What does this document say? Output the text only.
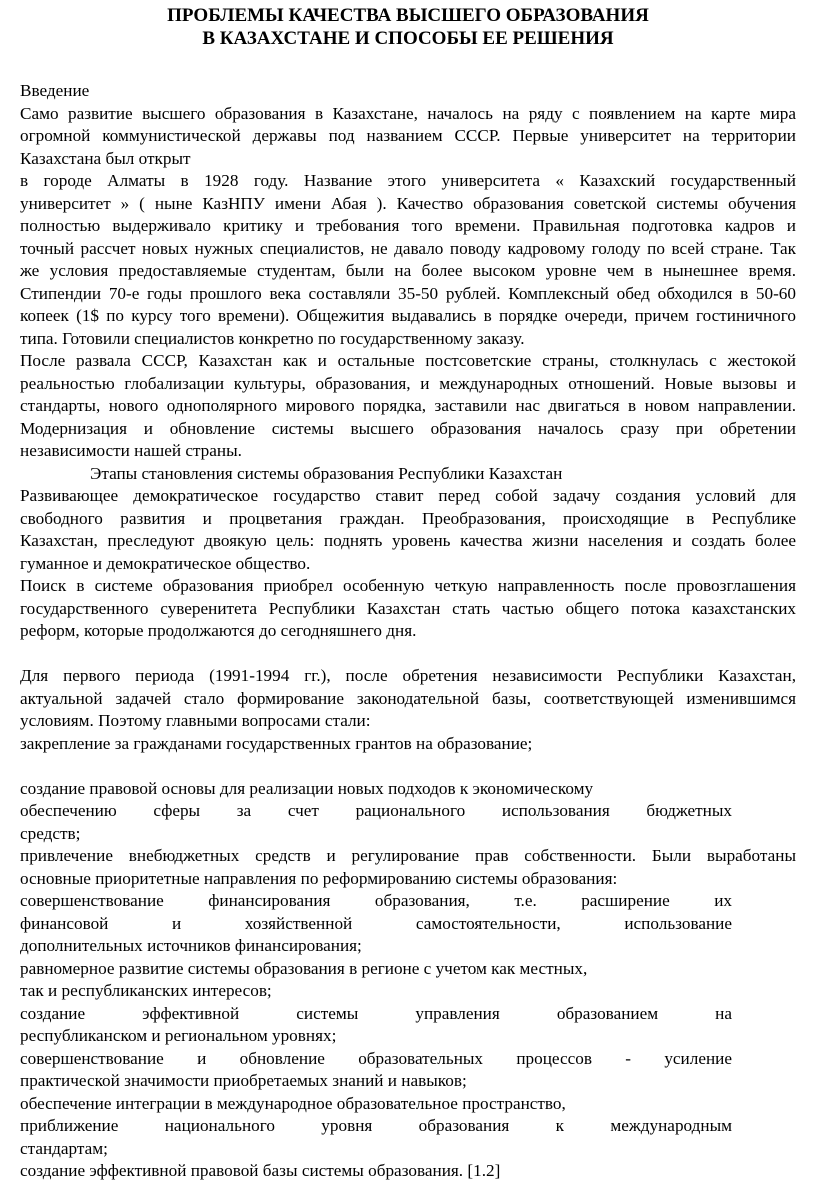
ПРОБЛЕМЫ КАЧЕСТВА ВЫСШЕГО ОБРАЗОВАНИЯ

В КАЗАХСТАНЕ И СПОСОБЫ ЕЕ РЕШЕНИЯ

Введение

Само развитие высшего образования в Казахстане, началось на ряду с появлением на карте мира

огромной коммунистической державы под названием СССР. Первые университет на территории

Казахстана был открыт

в городе Алматы в 1928 году. Название этого университета « Казахский государственный

университет » ( ныне КазНПУ имени Абая ). Качество образования советской системы обучения

полностью выдерживало критику и требования того времени. Правильная подготовка кадров и

точный рассчет новых нужных специалистов, не давало поводу кадровому голоду по всей стране. Так

же условия предоставляемые студентам, были на более высоком уровне чем в нынешнее время.

Стипендии 70-е годы прошлого века составляли 35-50 рублей. Комплексный обед обходился в 50-60

копеек (1$ по курсу того времени). Общежития выдавались в порядке очереди, причем гостиничного

типа. Готовили специалистов конкретно по государственному заказу.

После развала СССР, Казахстан как и остальные постсоветские страны, столкнулась с жестокой

реальностью глобализации культуры, образования, и международных отношений. Новые вызовы и

стандарты, нового однополярного мирового порядка, заставили нас двигаться в новом направлении.

Модернизация и обновление системы высшего образования началось сразу при обретении

независимости нашей страны.

Этапы становления системы образования Республики Казахстан

Развивающее демократическое государство ставит перед собой задачу создания условий для

свободного развития и процветания граждан. Преобразования, происходящие в Республике

Казахстан, преследуют двоякую цель: поднять уровень качества жизни населения и создать более

гуманное и демократическое общество.

Поиск в системе образования приобрел особенную четкую направленность после провозглашения

государственного суверенитета Республики Казахстан стать частью общего потока казахстанских

реформ, которые продолжаются до сегодняшнего дня.

Для первого периода (1991-1994 гг.), после обретения независимости Республики Казахстан,

актуальной задачей стало формирование законодательной базы, соответствующей изменившимся

условиям. Поэтому главными вопросами стали:

закрепление за гражданами государственных грантов на образование;

создание правовой основы для реализации новых подходов к экономическому

обеспечению сферы за счет рационального использования бюджетных

средств;

привлечение внебюджетных средств и регулирование прав собственности. Были выработаны

основные приоритетные направления по реформированию системы образования:

совершенствование финансирования образования, т.е. расширение их

финансовой и хозяйственной самостоятельности, использование

дополнительных источников финансирования;

равномерное развитие системы образования в регионе с учетом как местных,

так и республиканских интересов;

создание эффективной системы управления образованием на

республиканском и региональном уровнях;

совершенствование и обновление образовательных процессов - усиление

практической значимости приобретаемых знаний и навыков;

обеспечение интеграции в международное образовательное пространство,

приближение национального уровня образования к международным

стандартам;

создание эффективной правовой базы системы образования. [1.2]
